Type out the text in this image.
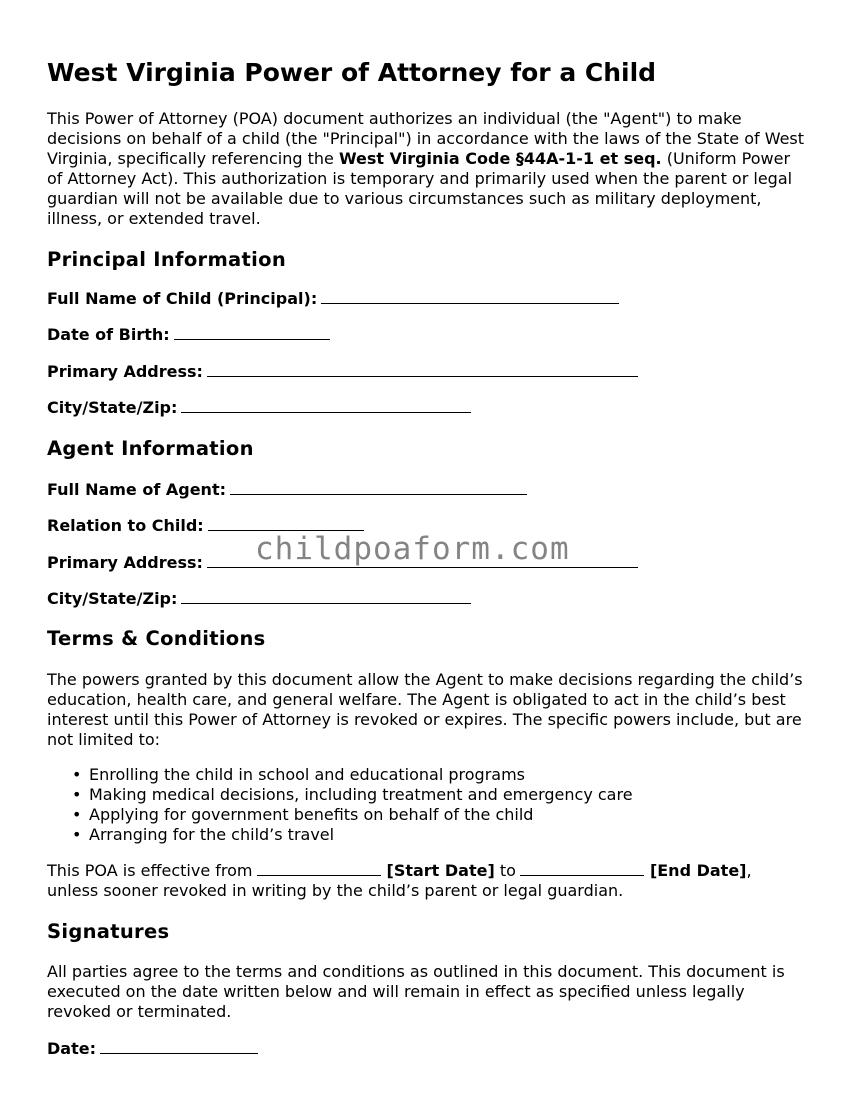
West Virginia Power of Attorney for a Child

This Power of Attorney (POA) document authorizes an individual (the "Agent") to make decisions on behalf of a child (the "Principal") in accordance with the laws of the State of West Virginia, specifically referencing the West Virginia Code §44A-1-1 et seq. (Uniform Power of Attorney Act). This authorization is temporary and primarily used when the parent or legal guardian will not be available due to various circumstances such as military deployment, illness, or extended travel.

Principal Information
Full Name of Child (Principal):
Date of Birth:
Primary Address:
City/State/Zip:
Agent Information
Full Name of Agent:
Relation to Child:
Primary Address:
City/State/Zip:
Terms & Conditions

The powers granted by this document allow the Agent to make decisions regarding the child’s education, health care, and general welfare. The Agent is obligated to act in the child’s best interest until this Power of Attorney is revoked or expires. The specific powers include, but are not limited to:

• Enrolling the child in school and educational programs
• Making medical decisions, including treatment and emergency care
• Applying for government benefits on behalf of the child
• Arranging for the child’s travel
This POA is effective from	[Start Date] to	[End Date],
unless sooner revoked in writing by the child’s parent or legal guardian.
Signatures

All parties agree to the terms and conditions as outlined in this document. This document is executed on the date written below and will remain in effect as specified unless legally revoked or terminated.

Date:
childpoaform.com
